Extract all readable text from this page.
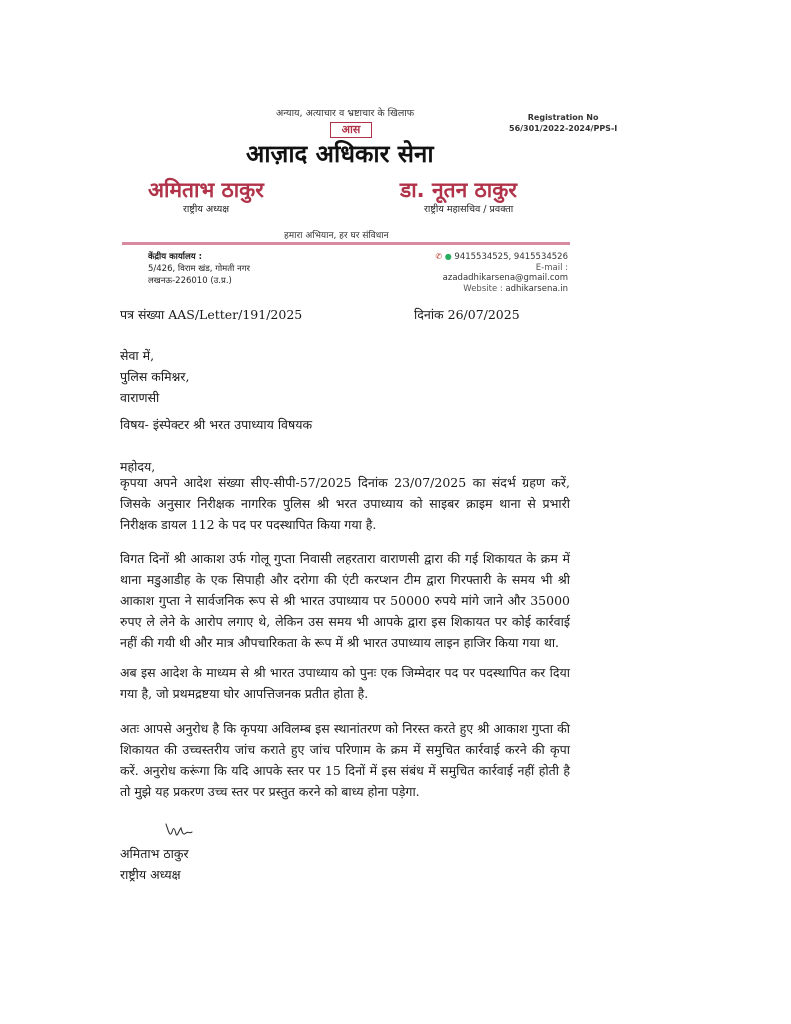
अन्याय, अत्याचार व भ्रष्टाचार के खिलाफ	Registration No
56/301/2022-2024/PPS-I
आस
आज़ाद अधिकार सेना
अमिताभ ठाकुर
राष्ट्रीय अध्यक्ष
डा. नूतन ठाकुर
राष्ट्रीय महासचिव / प्रवक्ता
हमारा अभियान, हर घर संविधान
केंद्रीय कार्यालय :
5/426, विराम खंड, गोमती नगर
लखनऊ-226010 (उ.प्र.)
✆ ● 9415534525, 9415534526
E-mail : azadadhikarsena@gmail.com
Website : adhikarsena.in
पत्र संख्या AAS/Letter/191/2025	दिनांक 26/07/2025
सेवा में,
पुलिस कमिश्नर,
वाराणसी
विषय- इंस्पेक्टर श्री भरत उपाध्याय विषयक
महोदय,
कृपया अपने आदेश संख्या सीए-सीपी-57/2025 दिनांक 23/07/2025 का संदर्भ ग्रहण करें, जिसके अनुसार निरीक्षक नागरिक पुलिस श्री भरत उपाध्याय को साइबर क्राइम थाना से प्रभारी निरीक्षक डायल 112 के पद पर पदस्थापित किया गया है.
विगत दिनों श्री आकाश उर्फ गोलू गुप्ता निवासी लहरतारा वाराणसी द्वारा की गई शिकायत के क्रम में थाना मडुआडीह के एक सिपाही और दरोगा की एंटी करप्शन टीम द्वारा गिरफ्तारी के समय भी श्री आकाश गुप्ता ने सार्वजनिक रूप से श्री भारत उपाध्याय पर 50000 रुपये मांगे जाने और 35000 रुपए ले लेने के आरोप लगाए थे, लेकिन उस समय भी आपके द्वारा इस शिकायत पर कोई कार्रवाई नहीं की गयी थी और मात्र औपचारिकता के रूप में श्री भारत उपाध्याय लाइन हाजिर किया गया था.
अब इस आदेश के माध्यम से श्री भारत उपाध्याय को पुनः एक जिम्मेदार पद पर पदस्थापित कर दिया गया है, जो प्रथमद्रष्टया घोर आपत्तिजनक प्रतीत होता है.
अतः आपसे अनुरोध है कि कृपया अविलम्ब इस स्थानांतरण को निरस्त करते हुए श्री आकाश गुप्ता की शिकायत की उच्चस्तरीय जांच कराते हुए जांच परिणाम के क्रम में समुचित कार्रवाई करने की कृपा करें. अनुरोध करूंगा कि यदि आपके स्तर पर 15 दिनों में इस संबंध में समुचित कार्रवाई नहीं होती है तो मुझे यह प्रकरण उच्च स्तर पर प्रस्तुत करने को बाध्य होना पड़ेगा.
अमिताभ ठाकुर
राष्ट्रीय अध्यक्ष
